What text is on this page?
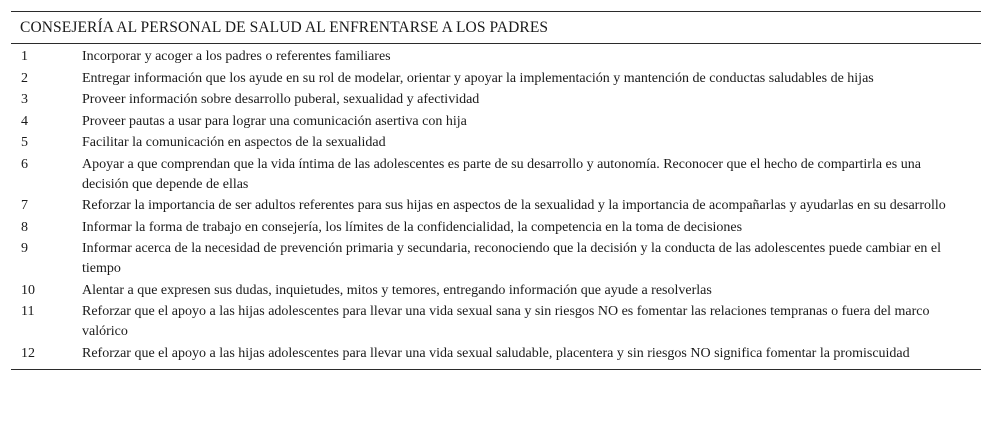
CONSEJERÍA AL PERSONAL DE SALUD AL ENFRENTARSE A LOS PADRES
1	Incorporar y acoger a los padres o referentes familiares
2	Entregar información que los ayude en su rol de modelar, orientar y apoyar la implementación y mantención de conductas saludables de hijas
3	Proveer información sobre desarrollo puberal, sexualidad y afectividad
4	Proveer pautas a usar para lograr una comunicación asertiva con hija
5	Facilitar la comunicación en aspectos de la sexualidad
6	Apoyar a que comprendan que la vida íntima de las adolescentes es parte de su desarrollo y autonomía. Reconocer que el hecho de compartirla es una decisión que depende de ellas
7	Reforzar la importancia de ser adultos referentes para sus hijas en aspectos de la sexualidad y la importancia de acompañarlas y ayudarlas en su desarrollo
8	Informar la forma de trabajo en consejería, los límites de la confidencialidad, la competencia en la toma de decisiones
9	Informar acerca de la necesidad de prevención primaria y secundaria, reconociendo que la decisión y la conducta de las adolescentes puede cambiar en el tiempo
10	Alentar a que expresen sus dudas, inquietudes, mitos y temores, entregando información que ayude a resolverlas
11	Reforzar que el apoyo a las hijas adolescentes para llevar una vida sexual sana y sin riesgos NO es fomentar las relaciones tempranas o fuera del marco valórico
12	Reforzar que el apoyo a las hijas adolescentes para llevar una vida sexual saludable, placentera y sin riesgos NO significa fomentar la promiscuidad
